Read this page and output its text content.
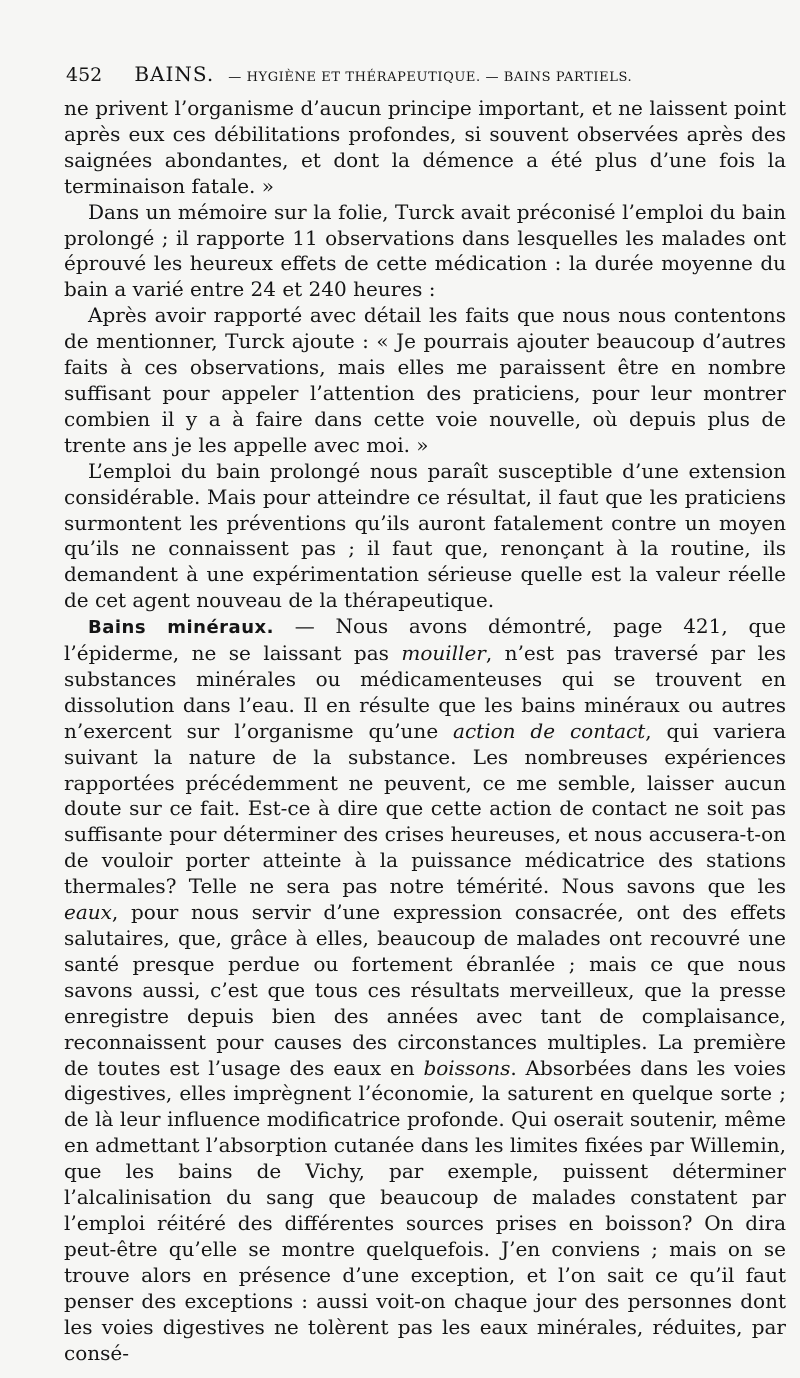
452 BAINS. — HYGIÈNE ET THÉRAPEUTIQUE. — BAINS PARTIELS.

ne privent l’organisme d’aucun principe important, et ne laissent point après eux ces débilitations profondes, si souvent observées après des saignées abondantes, et dont la démence a été plus d’une fois la terminaison fatale. »

Dans un mémoire sur la folie, Turck avait préconisé l’emploi du bain prolongé ; il rapporte 11 observations dans lesquelles les malades ont éprouvé les heureux effets de cette médication : la durée moyenne du bain a varié entre 24 et 240 heures :

Après avoir rapporté avec détail les faits que nous nous contentons de mentionner, Turck ajoute : « Je pourrais ajouter beaucoup d’autres faits à ces observations, mais elles me paraissent être en nombre suffisant pour appeler l’attention des praticiens, pour leur montrer combien il y a à faire dans cette voie nouvelle, où depuis plus de trente ans je les appelle avec moi. »

L’emploi du bain prolongé nous paraît susceptible d’une extension considérable. Mais pour atteindre ce résultat, il faut que les praticiens surmontent les préventions qu’ils auront fatalement contre un moyen qu’ils ne connaissent pas ; il faut que, renonçant à la routine, ils demandent à une expérimentation sérieuse quelle est la valeur réelle de cet agent nouveau de la thérapeutique.

Bains minéraux. — Nous avons démontré, page 421, que l’épiderme, ne se laissant pas mouiller, n’est pas traversé par les substances minérales ou médicamenteuses qui se trouvent en dissolution dans l’eau. Il en résulte que les bains minéraux ou autres n’exercent sur l’organisme qu’une action de contact, qui variera suivant la nature de la substance. Les nombreuses expériences rapportées précédemment ne peuvent, ce me semble, laisser aucun doute sur ce fait. Est-ce à dire que cette action de contact ne soit pas suffisante pour déterminer des crises heureuses, et nous accusera-t-on de vouloir porter atteinte à la puissance médicatrice des stations thermales? Telle ne sera pas notre témérité. Nous savons que les eaux, pour nous servir d’une expression consacrée, ont des effets salutaires, que, grâce à elles, beaucoup de malades ont recouvré une santé presque perdue ou fortement ébranlée ; mais ce que nous savons aussi, c’est que tous ces résultats merveilleux, que la presse enregistre depuis bien des années avec tant de complaisance, reconnaissent pour causes des circonstances multiples. La première de toutes est l’usage des eaux en boissons. Absorbées dans les voies digestives, elles imprègnent l’économie, la saturent en quelque sorte ; de là leur influence modificatrice profonde. Qui oserait soutenir, même en admettant l’absorption cutanée dans les limites fixées par Willemin, que les bains de Vichy, par exemple, puissent déterminer l’alcalinisation du sang que beaucoup de malades constatent par l’emploi réitéré des différentes sources prises en boisson? On dira peut-être qu’elle se montre quelquefois. J’en conviens ; mais on se trouve alors en présence d’une exception, et l’on sait ce qu’il faut penser des exceptions : aussi voit-on chaque jour des personnes dont les voies digestives ne tolèrent pas les eaux minérales, réduites, par consé-
